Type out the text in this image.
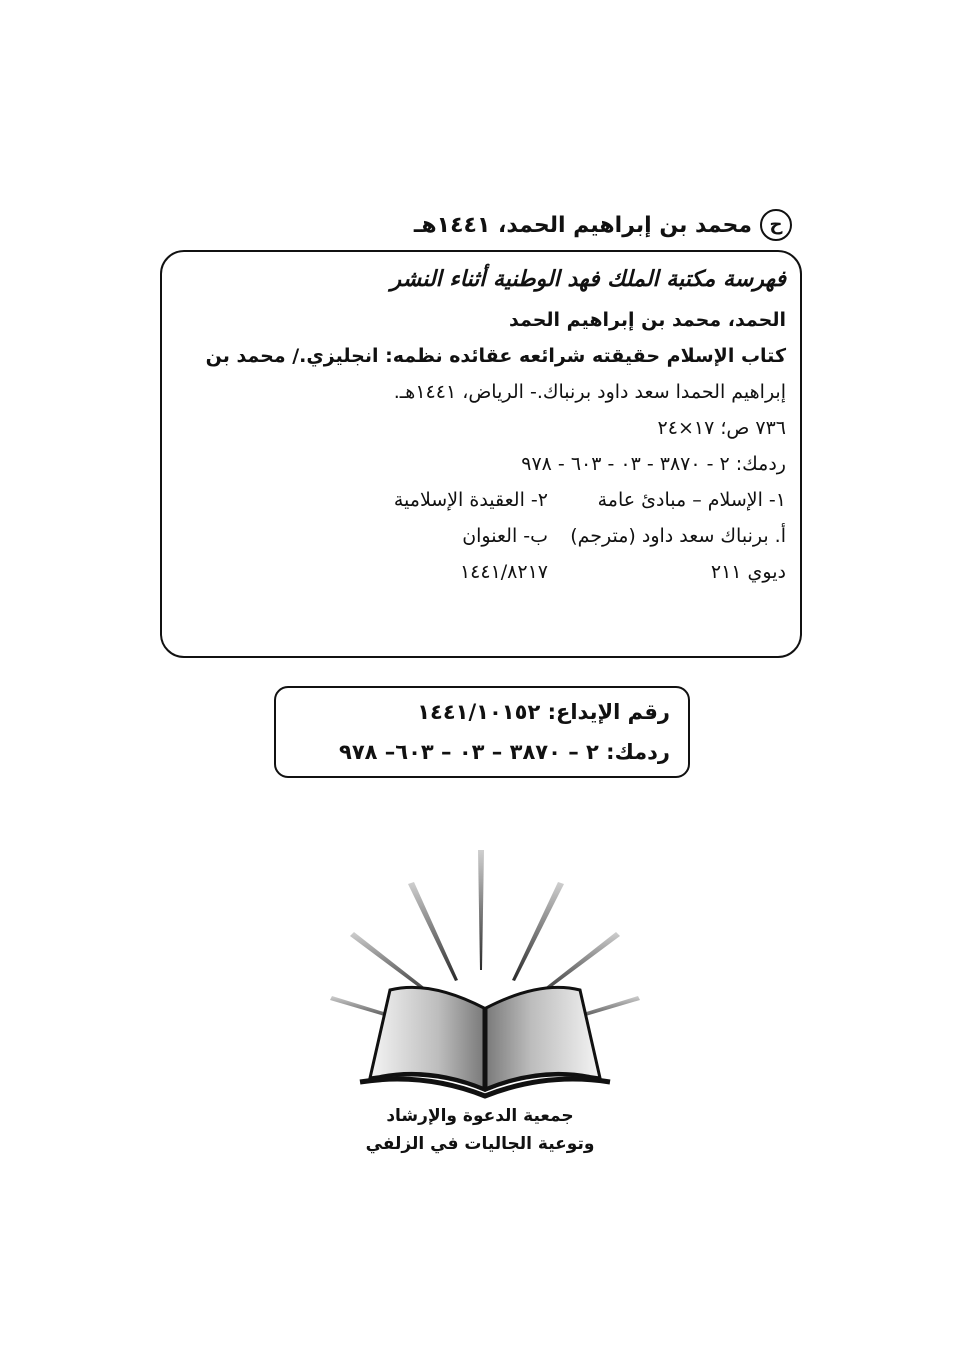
ح
محمد بن إبراهيم الحمد، ١٤٤١هـ
فهرسة مكتبة الملك فهد الوطنية أثناء النشر
الحمد، محمد بن إبراهيم الحمد
كتاب الإسلام حقيقته شرائعه عقائده نظمه: انجليزي./ محمد بن
إبراهيم الحمدا سعد داود برنباك.- الرياض، ١٤٤١هـ.
٧٣٦ ص؛ ١٧×٢٤
ردمك: ٢ - ٣٨٧٠ - ٠٣ - ٦٠٣ - ٩٧٨
١- الإسلام – مبادئ عامة
٢- العقيدة الإسلامية
أ. برنباك سعد داود (مترجم)
ب- العنوان
ديوي ٢١١
١٤٤١/٨٢١٧
رقم الإيداع: ١٤٤١/١٠١٥٢
ردمك: ٢ – ٣٨٧٠ – ٠٣ – ٦٠٣– ٩٧٨
جمعية الدعوة والإرشاد
وتوعية الجاليات في الزلفي
